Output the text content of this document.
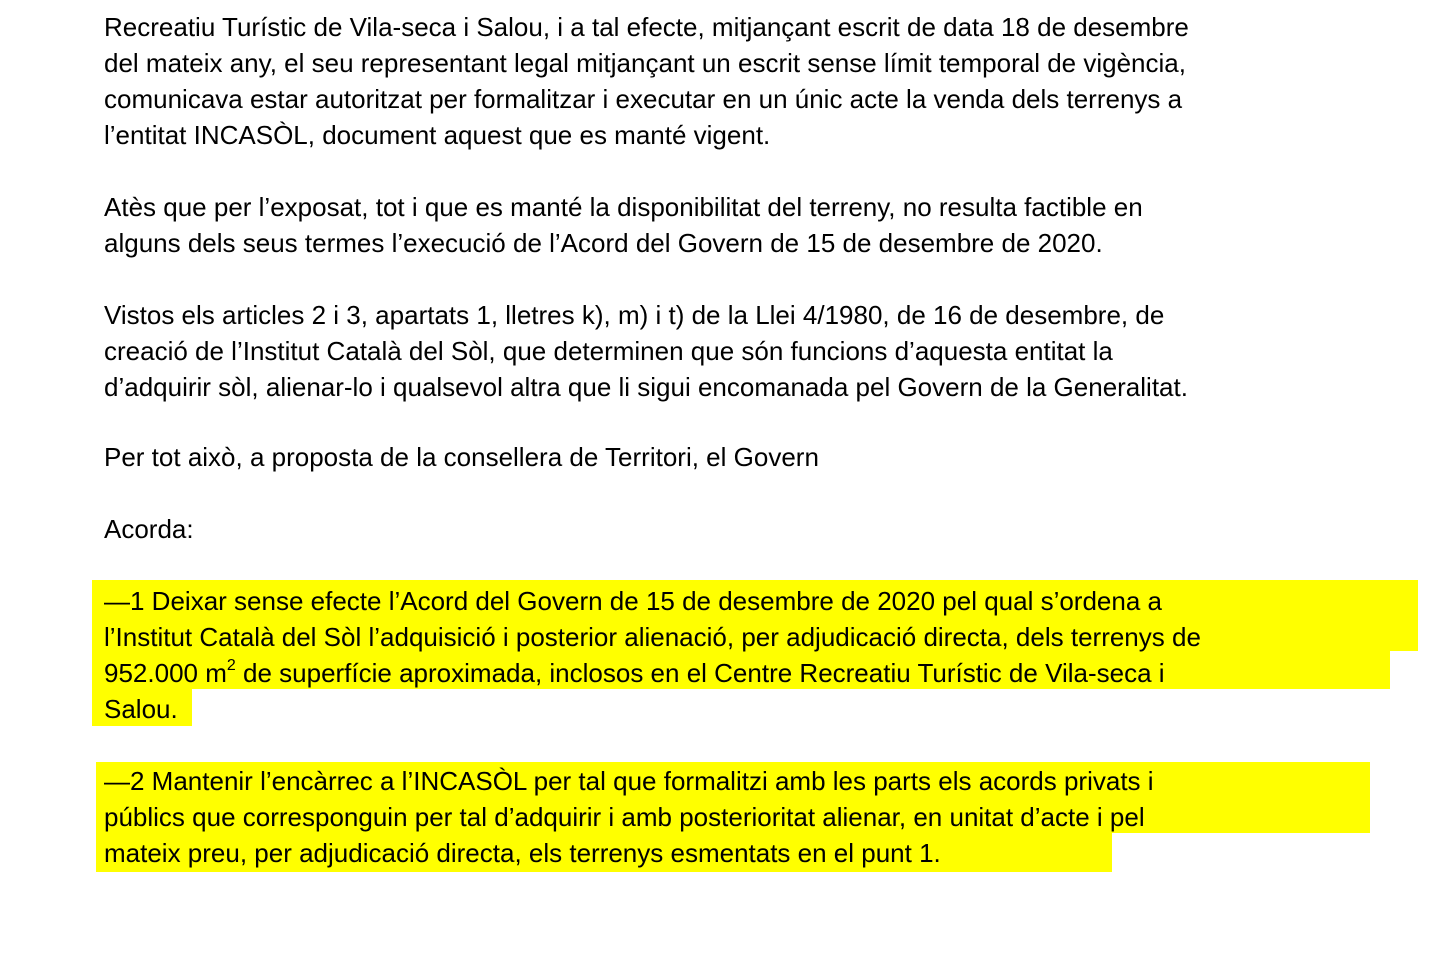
Recreatiu Turístic de Vila-seca i Salou, i a tal efecte, mitjançant escrit de data 18 de desembre
del mateix any, el seu representant legal mitjançant un escrit sense límit temporal de vigència,
comunicava estar autoritzat per formalitzar i executar en un únic acte la venda dels terrenys a
l’entitat INCASÒL, document aquest que es manté vigent.
Atès que per l’exposat, tot i que es manté la disponibilitat del terreny, no resulta factible en
alguns dels seus termes l’execució de l’Acord del Govern de 15 de desembre de 2020.
Vistos els articles 2 i 3, apartats 1, lletres k), m) i t) de la Llei 4/1980, de 16 de desembre, de
creació de l’Institut Català del Sòl, que determinen que són funcions d’aquesta entitat la
d’adquirir sòl, alienar-lo i qualsevol altra que li sigui encomanada pel Govern de la Generalitat.
Per tot això, a proposta de la consellera de Territori, el Govern
Acorda:
—1 Deixar sense efecte l’Acord del Govern de 15 de desembre de 2020 pel qual s’ordena a
l’Institut Català del Sòl l’adquisició i posterior alienació, per adjudicació directa, dels terrenys de
952.000 $m^2$ de superfície aproximada, inclosos en el Centre Recreatiu Turístic de Vila-seca i
Salou.
—2 Mantenir l’encàrrec a l’INCASÒL per tal que formalitzi amb les parts els acords privats i
públics que corresponguin per tal d’adquirir i amb posterioritat alienar, en unitat d’acte i pel
mateix preu, per adjudicació directa, els terrenys esmentats en el punt 1.
